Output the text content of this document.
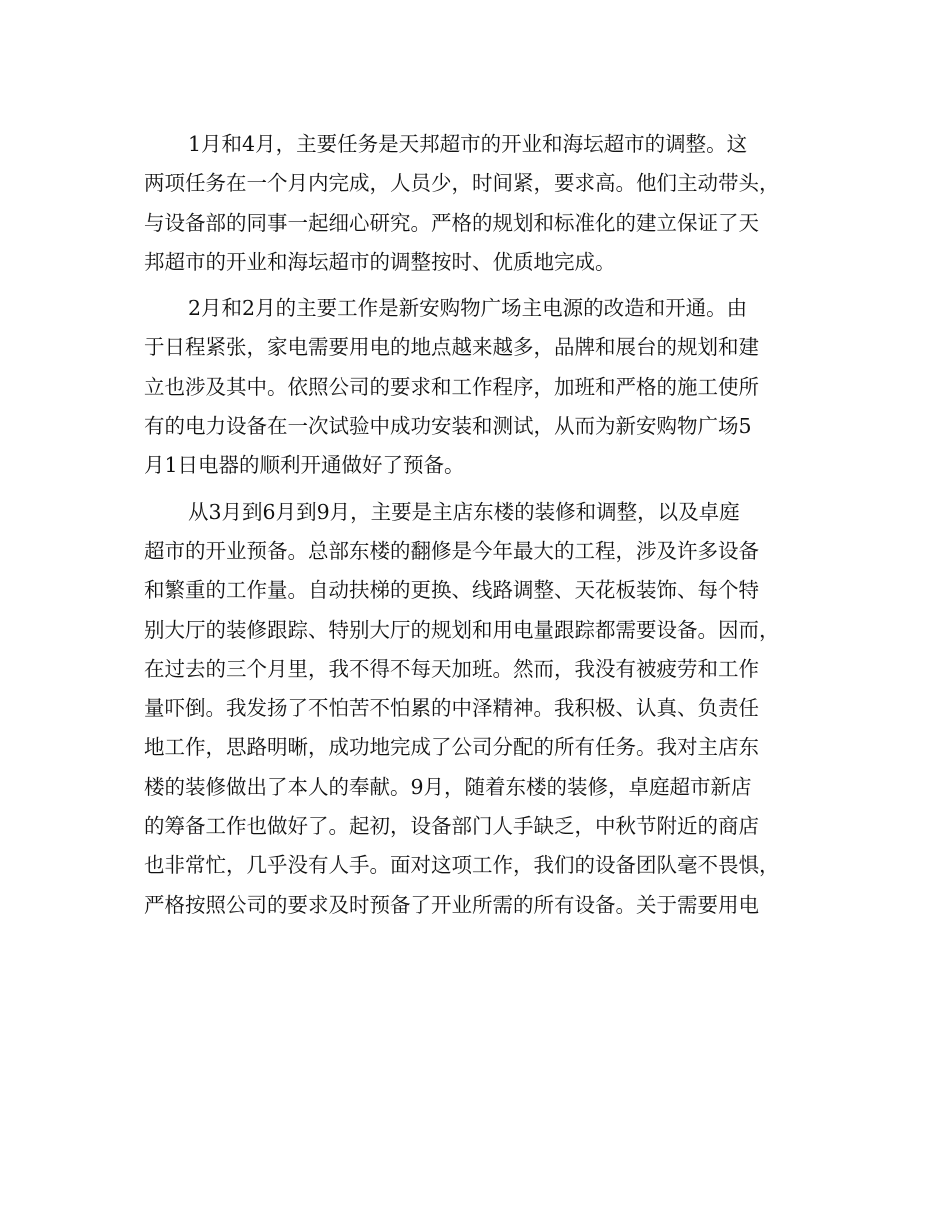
1月和4月，主要任务是天邦超市的开业和海坛超市的调整。这
两项任务在一个月内完成，人员少，时间紧，要求高。他们主动带头，
与设备部的同事一起细心研究。严格的规划和标准化的建立保证了天
邦超市的开业和海坛超市的调整按时、优质地完成。
2月和2月的主要工作是新安购物广场主电源的改造和开通。由
于日程紧张，家电需要用电的地点越来越多，品牌和展台的规划和建
立也涉及其中。依照公司的要求和工作程序，加班和严格的施工使所
有的电力设备在一次试验中成功安装和测试，从而为新安购物广场5
月1日电器的顺利开通做好了预备。
从3月到6月到9月，主要是主店东楼的装修和调整，以及卓庭
超市的开业预备。总部东楼的翻修是今年最大的工程，涉及许多设备
和繁重的工作量。自动扶梯的更换、线路调整、天花板装饰、每个特
别大厅的装修跟踪、特别大厅的规划和用电量跟踪都需要设备。因而，
在过去的三个月里，我不得不每天加班。然而，我没有被疲劳和工作
量吓倒。我发扬了不怕苦不怕累的中泽精神。我积极、认真、负责任
地工作，思路明晰，成功地完成了公司分配的所有任务。我对主店东
楼的装修做出了本人的奉献。9月，随着东楼的装修，卓庭超市新店
的筹备工作也做好了。起初，设备部门人手缺乏，中秋节附近的商店
也非常忙，几乎没有人手。面对这项工作，我们的设备团队毫不畏惧，
严格按照公司的要求及时预备了开业所需的所有设备。关于需要用电
